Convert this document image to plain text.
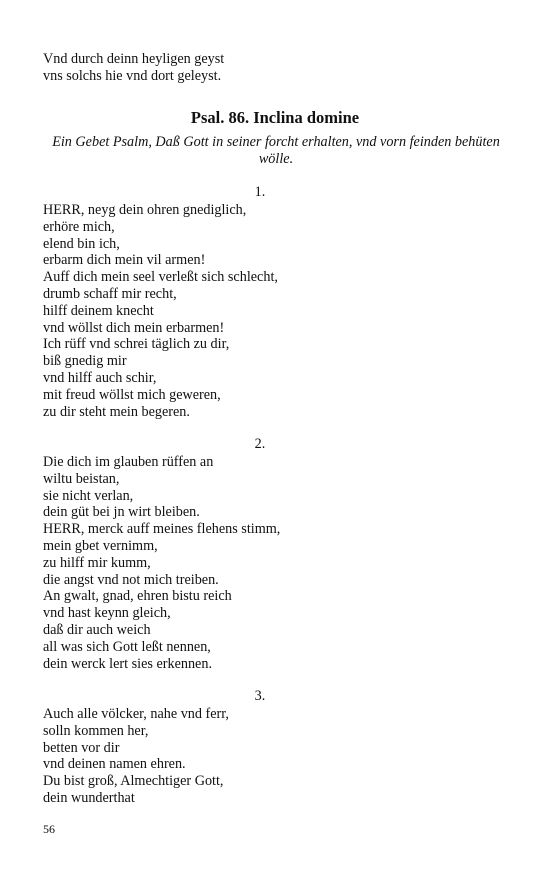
Vnd durch deinn heyligen geyst
vns solchs hie vnd dort geleyst.
Psal. 86. Inclina domine
Ein Gebet Psalm, Daß Gott in seiner forcht erhalten, vnd vorn feinden behüten wölle.
1.
HERR, neyg dein ohren gnediglich,
erhöre mich,
elend bin ich,
erbarm dich mein vil armen!
Auff dich mein seel verleßt sich schlecht,
drumb schaff mir recht,
hilff deinem knecht
vnd wöllst dich mein erbarmen!
Ich rüff vnd schrei täglich zu dir,
biß gnedig mir
vnd hilff auch schir,
mit freud wöllst mich geweren,
zu dir steht mein begeren.
2.
Die dich im glauben rüffen an
wiltu beistan,
sie nicht verlan,
dein güt bei jn wirt bleiben.
HERR, merck auff meines flehens stimm,
mein gbet vernimm,
zu hilff mir kumm,
die angst vnd not mich treiben.
An gwalt, gnad, ehren bistu reich
vnd hast keynn gleich,
daß dir auch weich
all was sich Gott leßt nennen,
dein werck lert sies erkennen.
3.
Auch alle völcker, nahe vnd ferr,
solln kommen her,
betten vor dir
vnd deinen namen ehren.
Du bist groß, Almechtiger Gott,
dein wunderthat
56
